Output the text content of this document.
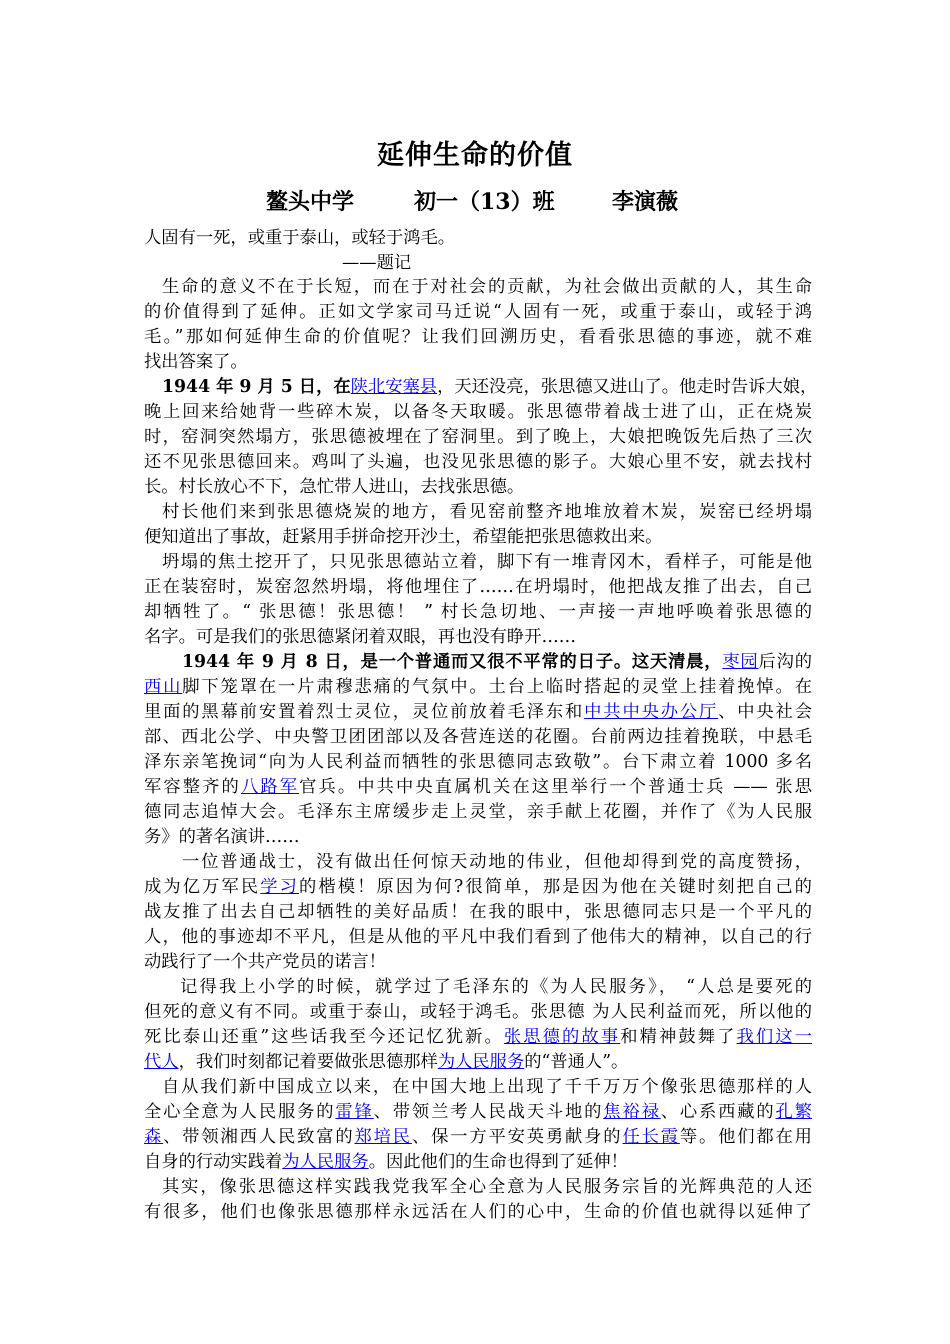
延伸生命的价值
鳌头中学	初一（13）班	李演薇
人固有一死，或重于泰山，或轻于鸿毛。
——题记
生命的意义不在于长短，而在于对社会的贡献，为社会做出贡献的人，其生命
的价值得到了延伸。正如文学家司马迁说“人固有一死，或重于泰山，或轻于鸿
毛。”那如何延伸生命的价值呢？让我们回溯历史，看看张思德的事迹，就不难
找出答案了。
1944 年 9 月 5 日，在陕北安塞县，天还没亮，张思德又进山了。他走时告诉大娘，
晚上回来给她背一些碎木炭，以备冬天取暖。张思德带着战士进了山，正在烧炭
时，窑洞突然塌方，张思德被埋在了窑洞里。到了晚上，大娘把晚饭先后热了三次
还不见张思德回来。鸡叫了头遍，也没见张思德的影子。大娘心里不安，就去找村
长。村长放心不下，急忙带人进山，去找张思德。
村长他们来到张思德烧炭的地方，看见窑前整齐地堆放着木炭，炭窑已经坍塌
便知道出了事故，赶紧用手拼命挖开沙土，希望能把张思德救出来。
坍塌的焦土挖开了，只见张思德站立着，脚下有一堆青冈木，看样子，可能是他
正在装窑时，炭窑忽然坍塌，将他埋住了……在坍塌时，他把战友推了出去，自己
却牺牲了。“ 张思德！张思德！ ” 村长急切地、一声接一声地呼唤着张思德的
名字。可是我们的张思德紧闭着双眼，再也没有睁开……
1944 年 9 月 8 日，是一个普通而又很不平常的日子。这天清晨，枣园后沟的
西山脚下笼罩在一片肃穆悲痛的气氛中。土台上临时搭起的灵堂上挂着挽悼。在
里面的黑幕前安置着烈士灵位，灵位前放着毛泽东和中共中央办公厅、中央社会
部、西北公学、中央警卫团团部以及各营连送的花圈。台前两边挂着挽联，中悬毛
泽东亲笔挽词“向为人民利益而牺牲的张思德同志致敬”。台下肃立着 1000 多名
军容整齐的八路军官兵。中共中央直属机关在这里举行一个普通士兵 —— 张思
德同志追悼大会。毛泽东主席缓步走上灵堂，亲手献上花圈，并作了《为人民服
务》的著名演讲……
一位普通战士，没有做出任何惊天动地的伟业，但他却得到党的高度赞扬，
成为亿万军民学习的楷模！原因为何?很简单，那是因为他在关键时刻把自己的
战友推了出去自己却牺牲的美好品质！在我的眼中，张思德同志只是一个平凡的
人，他的事迹却不平凡，但是从他的平凡中我们看到了他伟大的精神，以自己的行
动践行了一个共产党员的诺言！
记得我上小学的时候，就学过了毛泽东的《为人民服务》， “人总是要死的
但死的意义有不同。或重于泰山，或轻于鸿毛。张思德 为人民利益而死，所以他的
死比泰山还重”这些话我至今还记忆犹新。张思德的故事和精神鼓舞了我们这一
代人，我们时刻都记着要做张思德那样为人民服务的“普通人”。
自从我们新中国成立以来，在中国大地上出现了千千万万个像张思德那样的人
全心全意为人民服务的雷锋、带领兰考人民战天斗地的焦裕禄、心系西藏的孔繁
森、带领湘西人民致富的郑培民、保一方平安英勇献身的任长霞等。他们都在用
自身的行动实践着为人民服务。因此他们的生命也得到了延伸！
其实，像张思德这样实践我党我军全心全意为人民服务宗旨的光辉典范的人还
有很多，他们也像张思德那样永远活在人们的心中，生命的价值也就得以延伸了
